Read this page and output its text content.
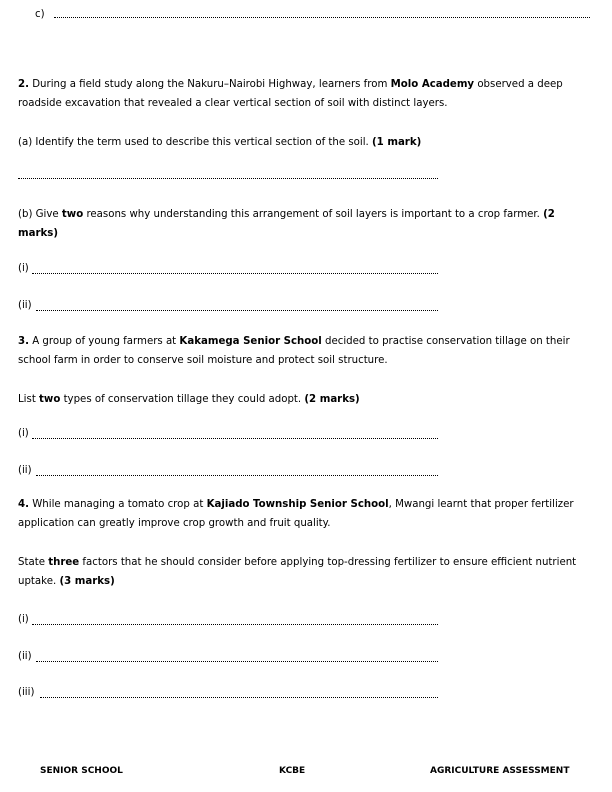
c)
2. During a field study along the Nakuru–Nairobi Highway, learners from Molo Academy observed a deep roadside excavation that revealed a clear vertical section of soil with distinct layers.
(a) Identify the term used to describe this vertical section of the soil. (1 mark)
(b) Give two reasons why understanding this arrangement of soil layers is important to a crop farmer. (2 marks)
(i)
(ii)
3. A group of young farmers at Kakamega Senior School decided to practise conservation tillage on their school farm in order to conserve soil moisture and protect soil structure.
List two types of conservation tillage they could adopt. (2 marks)
(i)
(ii)
4. While managing a tomato crop at Kajiado Township Senior School, Mwangi learnt that proper fertilizer application can greatly improve crop growth and fruit quality.
State three factors that he should consider before applying top-dressing fertilizer to ensure efficient nutrient uptake. (3 marks)
(i)
(ii)
(iii)
SENIOR SCHOOL	KCBE	AGRICULTURE ASSESSMENT
